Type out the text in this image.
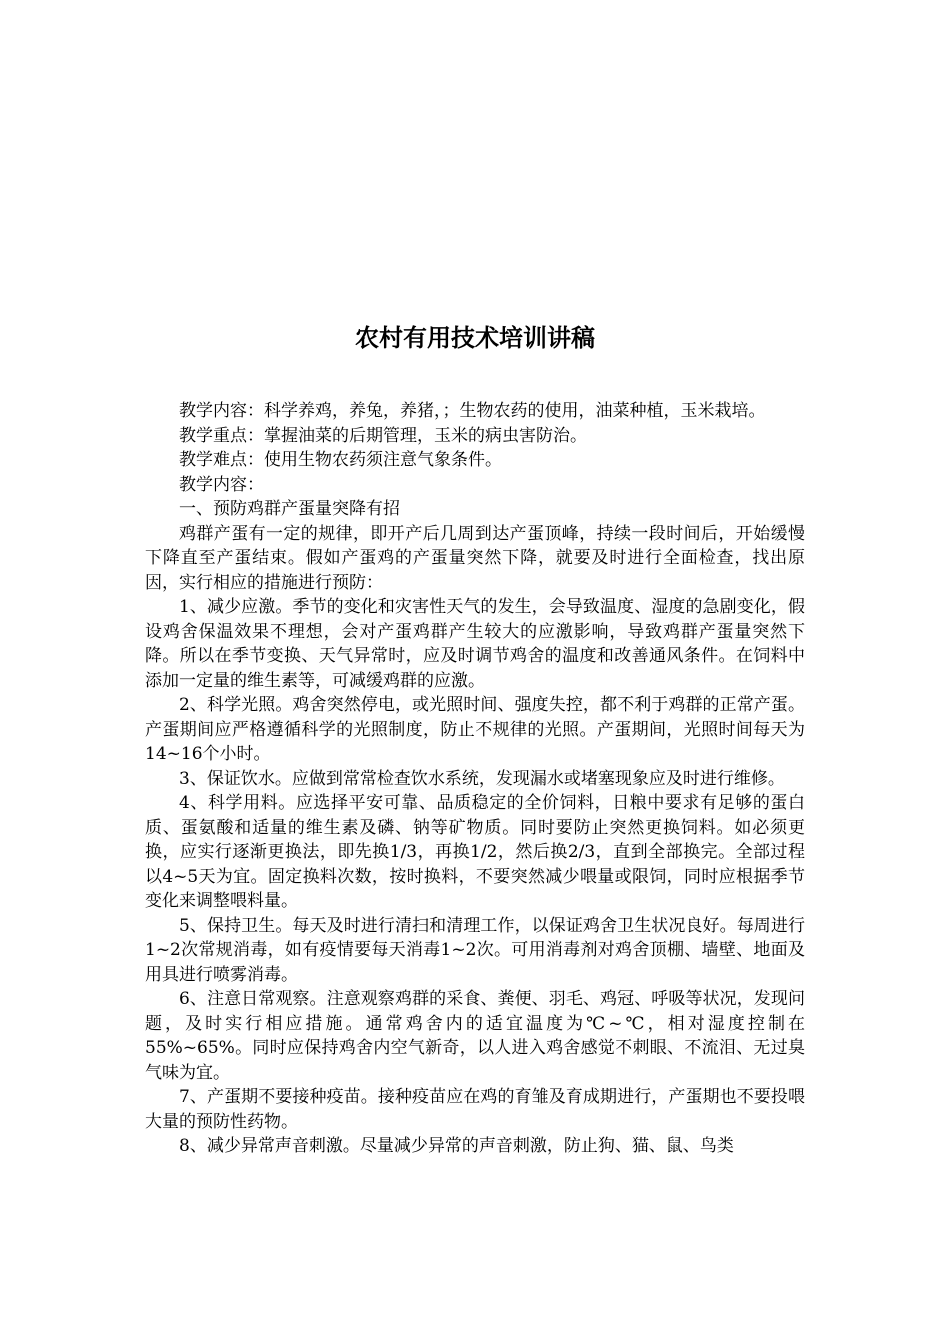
农村有用技术培训讲稿

教学内容：科学养鸡，养兔，养猪，；生物农药的使用，油菜种植，玉米栽培。

教学重点：掌握油菜的后期管理，玉米的病虫害防治。

教学难点：使用生物农药须注意气象条件。

教学内容：

一、预防鸡群产蛋量突降有招

鸡群产蛋有一定的规律，即开产后几周到达产蛋顶峰，持续一段时间后，开始缓慢下降直至产蛋结束。假如产蛋鸡的产蛋量突然下降，就要及时进行全面检查，找出原因，实行相应的措施进行预防：

1、减少应激。季节的变化和灾害性天气的发生，会导致温度、湿度的急剧变化，假设鸡舍保温效果不理想，会对产蛋鸡群产生较大的应激影响，导致鸡群产蛋量突然下降。所以在季节变换、天气异常时，应及时调节鸡舍的温度和改善通风条件。在饲料中添加一定量的维生素等，可减缓鸡群的应激。

2、科学光照。鸡舍突然停电，或光照时间、强度失控，都不利于鸡群的正常产蛋。产蛋期间应严格遵循科学的光照制度，防止不规律的光照。产蛋期间，光照时间每天为14~16个小时。

3、保证饮水。应做到常常检查饮水系统，发现漏水或堵塞现象应及时进行维修。

4、科学用料。应选择平安可靠、品质稳定的全价饲料，日粮中要求有足够的蛋白质、蛋氨酸和适量的维生素及磷、钠等矿物质。同时要防止突然更换饲料。如必须更换，应实行逐渐更换法，即先换1/3，再换1/2，然后换2/3，直到全部换完。全部过程以4~5天为宜。固定换料次数，按时换料，不要突然减少喂量或限饲，同时应根据季节变化来调整喂料量。

5、保持卫生。每天及时进行清扫和清理工作，以保证鸡舍卫生状况良好。每周进行1~2次常规消毒，如有疫情要每天消毒1~2次。可用消毒剂对鸡舍顶棚、墙壁、地面及用具进行喷雾消毒。

6、注意日常观察。注意观察鸡群的采食、粪便、羽毛、鸡冠、呼吸等状况，发现问题，及时实行相应措施。通常鸡舍内的适宜温度为℃~℃，相对湿度控制在55%~65%。同时应保持鸡舍内空气新奇，以人进入鸡舍感觉不刺眼、不流泪、无过臭气味为宜。

7、产蛋期不要接种疫苗。接种疫苗应在鸡的育雏及育成期进行，产蛋期也不要投喂大量的预防性药物。

8、减少异常声音刺激。尽量减少异常的声音刺激，防止狗、猫、鼠、鸟类
